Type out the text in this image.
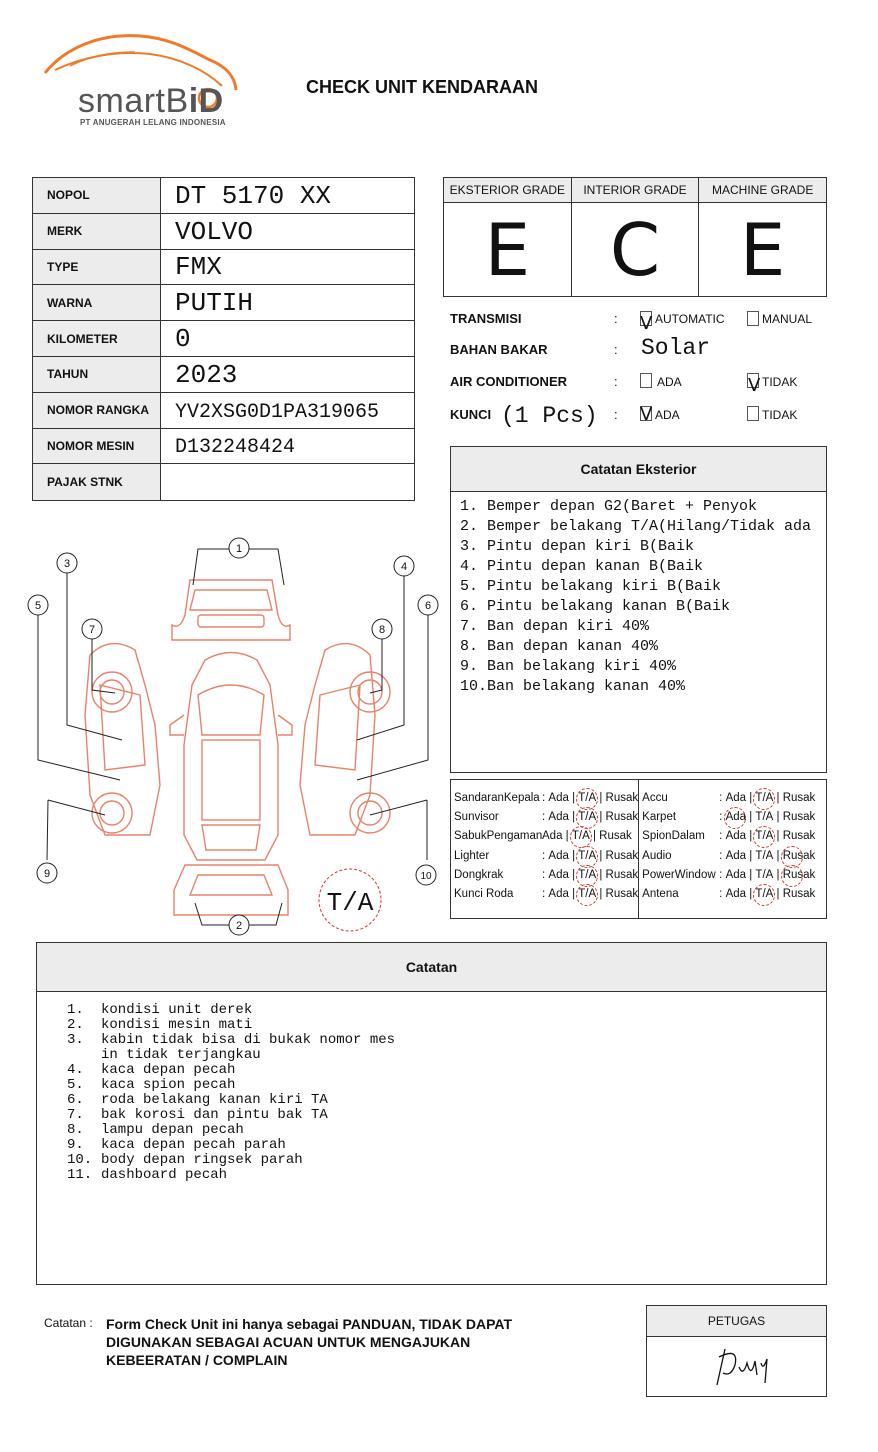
smartBiD
PT ANUGERAH LELANG INDONESIA
CHECK UNIT KENDARAAN
NOPOL	DT 5170 XX
MERK	VOLVO
TYPE	FMX
WARNA	PUTIH
KILOMETER	0
TAHUN	2023
NOMOR RANGKA	YV2XSG0D1PA319065
NOMOR MESIN	D132248424
PAJAK STNK
EKSTERIOR GRADE
E
INTERIOR GRADE
C
MACHINE GRADE
E
TRANSMISI	: V AUTOMATIC	MANUAL
BAHAN BAKAR	: Solar
AIR CONDITIONER	:	ADA	V TIDAK
KUNCI (1 Pcs) : V ADA	TIDAK
Catatan Eksterior
1. Bemper depan G2(Baret + Penyok
2. Bemper belakang T/A(Hilang/Tidak ada
3. Pintu depan kiri B(Baik
4. Pintu depan kanan B(Baik
5. Pintu belakang kiri B(Baik
6. Pintu belakang kanan B(Baik
7. Ban depan kiri 40%
8. Ban depan kanan 40%
9. Ban belakang kiri 40%
10.Ban belakang kanan 40%
1
2
3	4
5	6
7	8
9	10
T/A
SandaranKepala : Ada | T/A | Rusak
Sunvisor	: Ada | T/A | Rusak
SabukPengaman Ada | T/A | Rusak
Lighter	: Ada | T/A | Rusak
Dongkrak	: Ada | T/A | Rusak
Kunci Roda	: Ada | T/A | Rusak
Accu	: Ada | T/A | Rusak
Karpet	: Ada | T/A | Rusak
SpionDalam	: Ada | T/A | Rusak
Audio	: Ada | T/A | Rusak
PowerWindow : Ada | T/A | Rusak
Antena	: Ada | T/A | Rusak
Catatan
1.	kondisi unit derek
2.	kondisi mesin mati
3.	kabin tidak bisa di bukak nomor mes
in tidak terjangkau
4.	kaca depan pecah
5.	kaca spion pecah
6.	roda belakang kanan kiri TA
7.	bak korosi dan pintu bak TA
8.	lampu depan pecah
9.	kaca depan pecah parah
10. body depan ringsek parah
11. dashboard pecah
Catatan : Form Check Unit ini hanya sebagai PANDUAN, TIDAK DAPAT DIGUNAKAN SEBAGAI ACUAN UNTUK MENGAJUKAN KEBEERATAN / COMPLAIN
PETUGAS
